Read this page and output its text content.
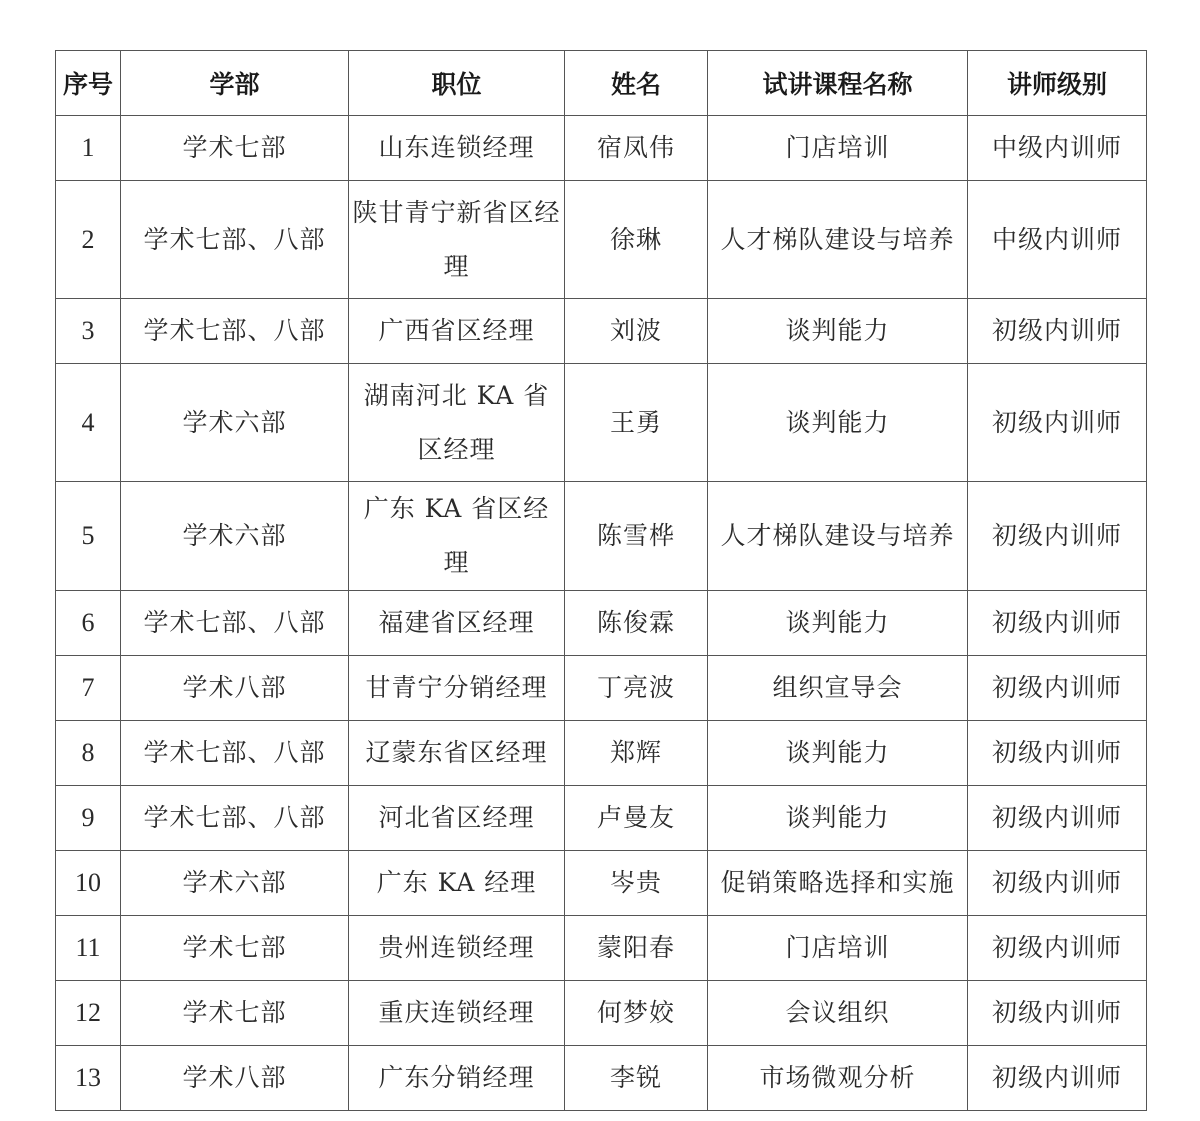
序号	学部	职位	姓名	试讲课程名称	讲师级别
1	学术七部	山东连锁经理	宿凤伟	门店培训	中级内训师
2	学术七部、八部	陕甘青宁新省区经理	徐琳	人才梯队建设与培养	中级内训师
3	学术七部、八部	广西省区经理	刘波	谈判能力	初级内训师
4	学术六部	湖南河北 KA 省区经理	王勇	谈判能力	初级内训师
5	学术六部	广东 KA 省区经理	陈雪桦	人才梯队建设与培养	初级内训师
6	学术七部、八部	福建省区经理	陈俊霖	谈判能力	初级内训师
7	学术八部	甘青宁分销经理	丁亮波	组织宣导会	初级内训师
8	学术七部、八部	辽蒙东省区经理	郑辉	谈判能力	初级内训师
9	学术七部、八部	河北省区经理	卢曼友	谈判能力	初级内训师
10	学术六部	广东 KA 经理	岑贵	促销策略选择和实施	初级内训师
11	学术七部	贵州连锁经理	蒙阳春	门店培训	初级内训师
12	学术七部	重庆连锁经理	何梦姣	会议组织	初级内训师
13	学术八部	广东分销经理	李锐	市场微观分析	初级内训师
